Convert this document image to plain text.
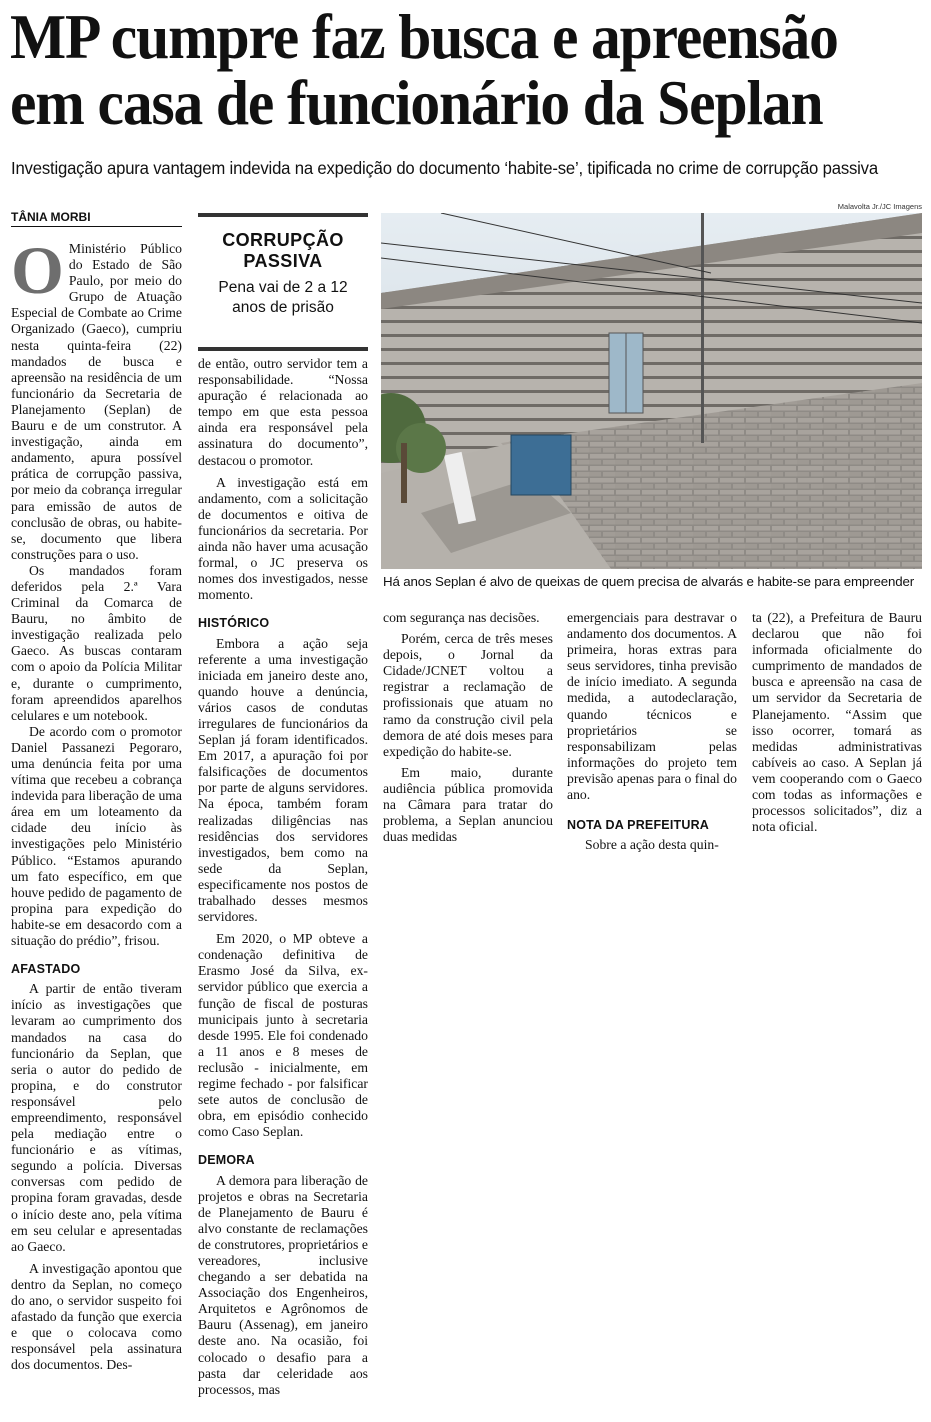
MP cumpre faz busca e apreensão
em casa de funcionário da Seplan

Investigação apura vantagem indevida na expedição do documento ‘habite-se’, tipificada no crime de corrupção passiva

TÂNIA MORBI

O Ministério Público do Estado de São Paulo, por meio do Grupo de Atuação Especial de Combate ao Crime Organizado (Gaeco), cumpriu nesta quinta-feira (22) mandados de busca e apreensão na residência de um funcionário da Secretaria de Planejamento (Seplan) de Bauru e de um construtor. A investigação, ainda em andamento, apura possível prática de corrupção passiva, por meio da cobrança irregular para emissão de autos de conclusão de obras, ou habite-se, documento que libera construções para o uso.

Os mandados foram deferidos pela 2.ª Vara Criminal da Comarca de Bauru, no âmbito de investigação realizada pelo Gaeco. As buscas contaram com o apoio da Polícia Militar e, durante o cumprimento, foram apreendidos aparelhos celulares e um notebook.

De acordo com o promotor Daniel Passanezi Pegoraro, uma denúncia feita por uma vítima que recebeu a cobrança indevida para liberação de uma área em um loteamento da cidade deu início às investigações pelo Ministério Público. “Estamos apurando um fato específico, em que houve pedido de pagamento de propina para expedição do habite-se em desacordo com a situação do prédio”, frisou.

AFASTADO

A partir de então tiveram início as investigações que levaram ao cumprimento dos mandados na casa do funcionário da Seplan, que seria o autor do pedido de propina, e do construtor responsável pelo empreendimento, responsável pela mediação entre o funcionário e as vítimas, segundo a polícia. Diversas conversas com pedido de propina foram gravadas, desde o início deste ano, pela vítima em seu celular e apresentadas ao Gaeco.

A investigação apontou que dentro da Seplan, no começo do ano, o servidor suspeito foi afastado da função que exercia e que o colocava como responsável pela assinatura dos documentos. Des-

CORRUPÇÃO
PASSIVA
Pena vai de 2 a 12
anos de prisão

de então, outro servidor tem a responsabilidade. “Nossa apuração é relacionada ao tempo em que esta pessoa ainda era responsável pela assinatura do documento”, destacou o promotor.

A investigação está em andamento, com a solicitação de documentos e oitiva de funcionários da secretaria. Por ainda não haver uma acusação formal, o JC preserva os nomes dos investigados, nesse momento.

HISTÓRICO

Embora a ação seja referente a uma investigação iniciada em janeiro deste ano, quando houve a denúncia, vários casos de condutas irregulares de funcionários da Seplan já foram identificados. Em 2017, a apuração foi por falsificações de documentos por parte de alguns servidores. Na época, também foram realizadas diligências nas residências dos servidores investigados, bem como na sede da Seplan, especificamente nos postos de trabalhado desses mesmos servidores.

Em 2020, o MP obteve a condenação definitiva de Erasmo José da Silva, ex-servidor público que exercia a função de fiscal de posturas municipais junto à secretaria desde 1995. Ele foi condenado a 11 anos e 8 meses de reclusão - inicialmente, em regime fechado - por falsificar sete autos de conclusão de obra, em episódio conhecido como Caso Seplan.

DEMORA

A demora para liberação de projetos e obras na Secretaria de Planejamento de Bauru é alvo constante de reclamações de construtores, proprietários e vereadores, inclusive chegando a ser debatida na Associação dos Engenheiros, Arquitetos e Agrônomos de Bauru (Assenag), em janeiro deste ano. Na ocasião, foi colocado o desafio para a pasta dar celeridade aos processos, mas

Malavolta Jr./JC Imagens
Há anos Seplan é alvo de queixas de quem precisa de alvarás e habite-se para empreender

com segurança nas decisões.

Porém, cerca de três meses depois, o Jornal da Cidade/JCNET voltou a registrar a reclamação de profissionais que atuam no ramo da construção civil pela demora de até dois meses para expedição do habite-se.

Em maio, durante audiência pública promovida na Câmara para tratar do problema, a Seplan anunciou duas medidas

emergenciais para destravar o andamento dos documentos. A primeira, horas extras para seus servidores, tinha previsão de início imediato. A segunda medida, a autodeclaração, quando técnicos e proprietários se responsabilizam pelas informações do projeto tem previsão apenas para o final do ano.

NOTA DA PREFEITURA

Sobre a ação desta quin-

ta (22), a Prefeitura de Bauru declarou que não foi informada oficialmente do cumprimento de mandados de busca e apreensão na casa de um servidor da Secretaria de Planejamento. “Assim que isso ocorrer, tomará as medidas administrativas cabíveis ao caso. A Seplan já vem cooperando com o Gaeco com todas as informações e processos solicitados”, diz a nota oficial.
